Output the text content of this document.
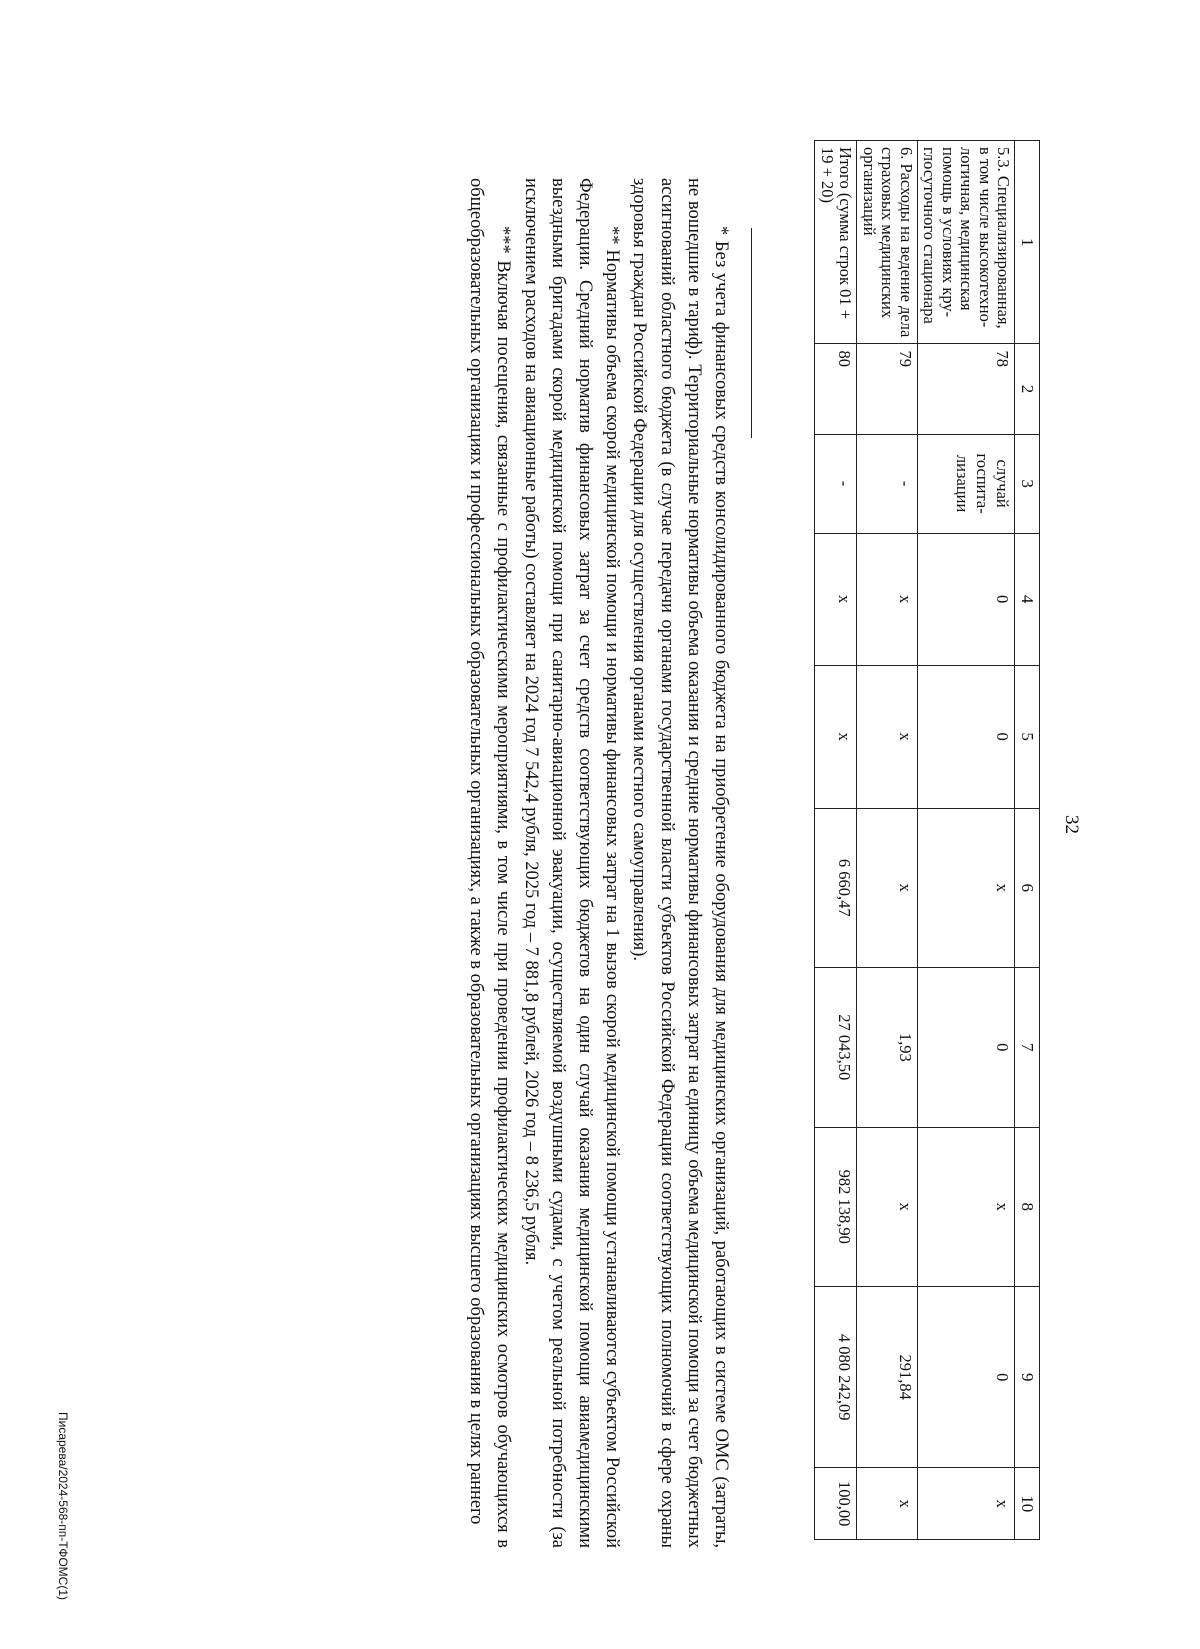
32
1	2	3	4	5	6	7	8	9	10
5.3. Специализированная, в том числе высокотехно-логичная, медицинская помощь в условиях кру-глосуточного стационара	78	случай госпита-лизации	0	0	x	0	x	0	x
6. Расходы на ведение дела страховых медицинских организаций	79	-	x	x	x	1,93	x	291,84	x
Итого (сумма строк 01 + 19 + 20)	80	-	x	x	6 660,47	27 043,50	982 138,90	4 080 242,09	100,00

* Без учета финансовых средств консолидированного бюджета на приобретение оборудования для медицинских организаций, работающих в системе ОМС (затраты, не вошедшие в тариф). Территориальные нормативы объема оказания и средние нормативы финансовых затрат на единицу объема медицинской помощи за счет бюджетных ассигнований областного бюджета (в случае передачи органами государственной власти субъектов Российской Федерации соответствующих полномочий в сфере охраны здоровья граждан Российской Федерации для осуществления органами местного самоуправления).

** Нормативы объема скорой медицинской помощи и нормативы финансовых затрат на 1 вызов скорой медицинской помощи устанавливаются субъектом Российской Федерации. Средний норматив финансовых затрат за счет средств соответствующих бюджетов на один случай оказания медицинской помощи авиамедицинскими выездными бригадами скорой медицинской помощи при санитарно-авиационной эвакуации, осуществляемой воздушными судами, с учетом реальной потребности (за исключением расходов на авиационные работы) составляет на 2024 год 7 542,4 рубля, 2025 год – 7 881,8 рублей, 2026 год – 8 236,5 рубля.

*** Включая посещения, связанные с профилактическими мероприятиями, в том числе при проведении профилактических медицинских осмотров обучающихся в общеобразовательных организациях и профессиональных образовательных организациях, а также в образовательных организациях высшего образования в целях раннего

Писарева/2024-568-пп-ТФОМС(1)
